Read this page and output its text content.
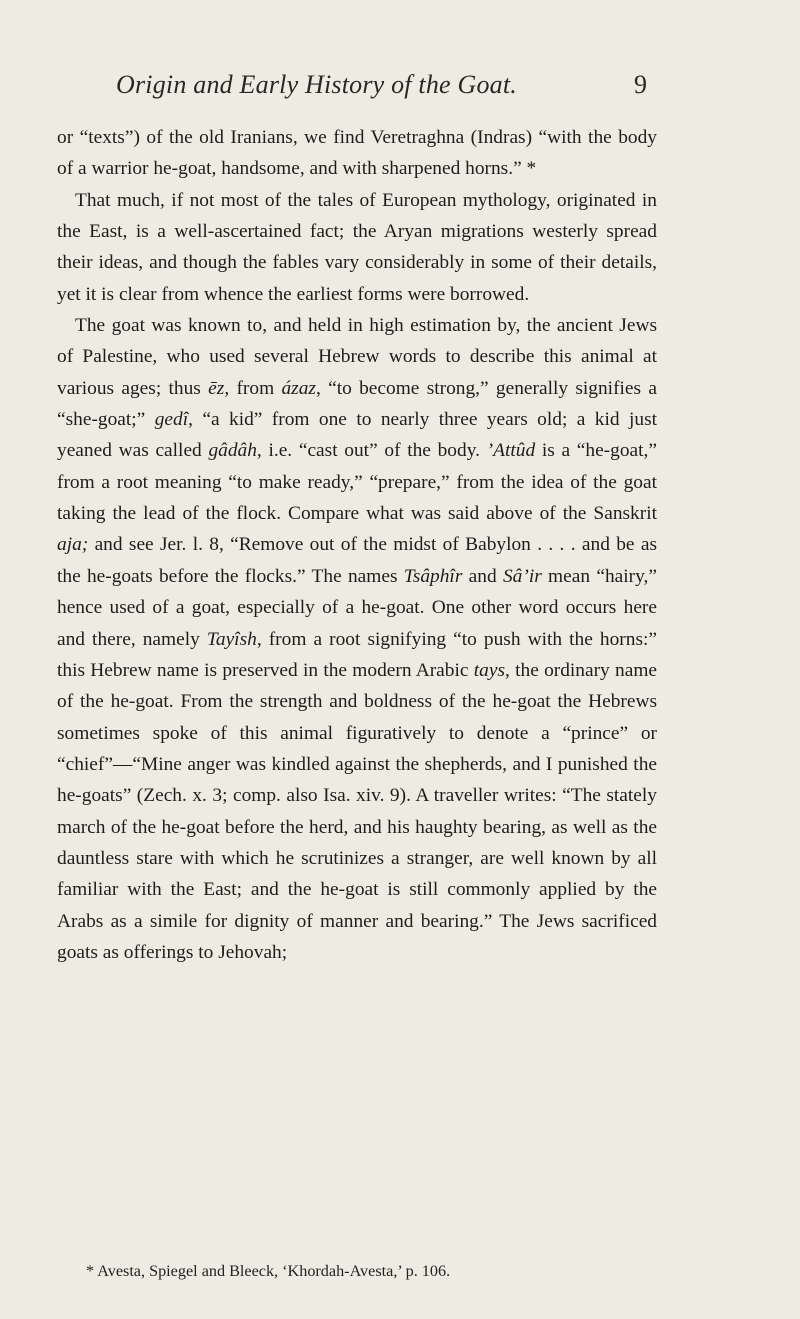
Origin and Early History of the Goat.	9

or “texts”) of the old Iranians, we find Veretraghna (Indras) “with the body of a warrior he-goat, handsome, and with sharpened horns.” *

That much, if not most of the tales of European mythology, originated in the East, is a well-ascertained fact; the Aryan migrations westerly spread their ideas, and though the fables vary considerably in some of their details, yet it is clear from whence the earliest forms were borrowed.

The goat was known to, and held in high estimation by, the ancient Jews of Palestine, who used several Hebrew words to describe this animal at various ages; thus ēz, from ázaz, “to become strong,” generally signifies a “she-goat;” gedî, “a kid” from one to nearly three years old; a kid just yeaned was called gâdâh, i.e. “cast out” of the body. ’Attûd is a “he-goat,” from a root meaning “to make ready,” “prepare,” from the idea of the goat taking the lead of the flock. Compare what was said above of the Sanskrit aja; and see Jer. l. 8, “Remove out of the midst of Babylon . . . . and be as the he-goats before the flocks.” The names Tsâphîr and Sâ’ir mean “hairy,” hence used of a goat, especially of a he-goat. One other word occurs here and there, namely Tayîsh, from a root signifying “to push with the horns:” this Hebrew name is preserved in the modern Arabic tays, the ordinary name of the he-goat. From the strength and boldness of the he-goat the Hebrews sometimes spoke of this animal figuratively to denote a “prince” or “chief”—“Mine anger was kindled against the shepherds, and I punished the he-goats” (Zech. x. 3; comp. also Isa. xiv. 9). A traveller writes: “The stately march of the he-goat before the herd, and his haughty bearing, as well as the dauntless stare with which he scrutinizes a stranger, are well known by all familiar with the East; and the he-goat is still commonly applied by the Arabs as a simile for dignity of manner and bearing.” The Jews sacrificed goats as offerings to Jehovah;

* Avesta, Spiegel and Bleeck, ‘Khordah-Avesta,’ p. 106.
